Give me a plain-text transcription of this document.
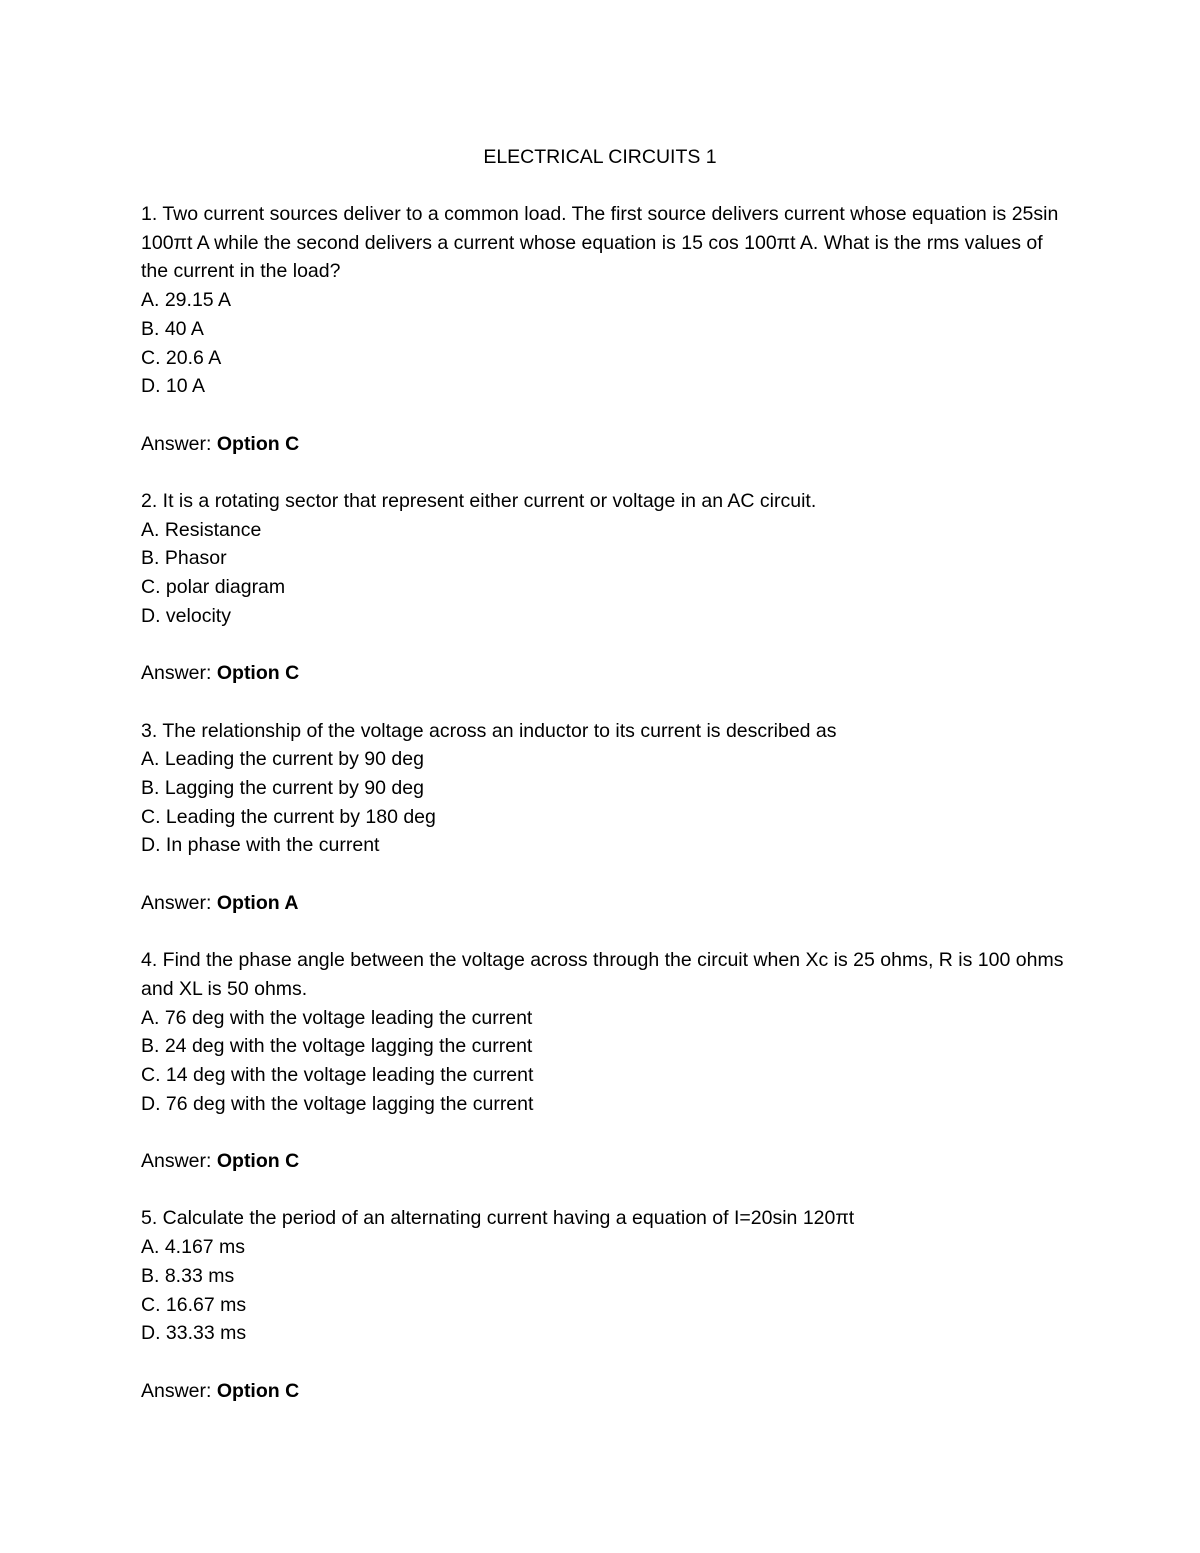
ELECTRICAL CIRCUITS 1
1. Two current sources deliver to a common load. The first source delivers current whose equation is 25sin 100πt A while the second delivers a current whose equation is 15 cos 100πt A. What is the rms values of the current in the load?
A. 29.15 A
B. 40 A
C. 20.6 A
D. 10 A
Answer: Option C
2. It is a rotating sector that represent either current or voltage in an AC circuit.
A. Resistance
B. Phasor
C. polar diagram
D. velocity
Answer: Option C
3. The relationship of the voltage across an inductor to its current is described as
A. Leading the current by 90 deg
B. Lagging the current by 90 deg
C. Leading the current by 180 deg
D. In phase with the current
Answer: Option A
4. Find the phase angle between the voltage across through the circuit when Xc is 25 ohms, R is 100 ohms and XL is 50 ohms.
A. 76 deg with the voltage leading the current
B. 24 deg with the voltage lagging the current
C. 14 deg with the voltage leading the current
D. 76 deg with the voltage lagging the current
Answer: Option C
5. Calculate the period of an alternating current having a equation of I=20sin 120πt
A. 4.167 ms
B. 8.33 ms
C. 16.67 ms
D. 33.33 ms
Answer: Option C
